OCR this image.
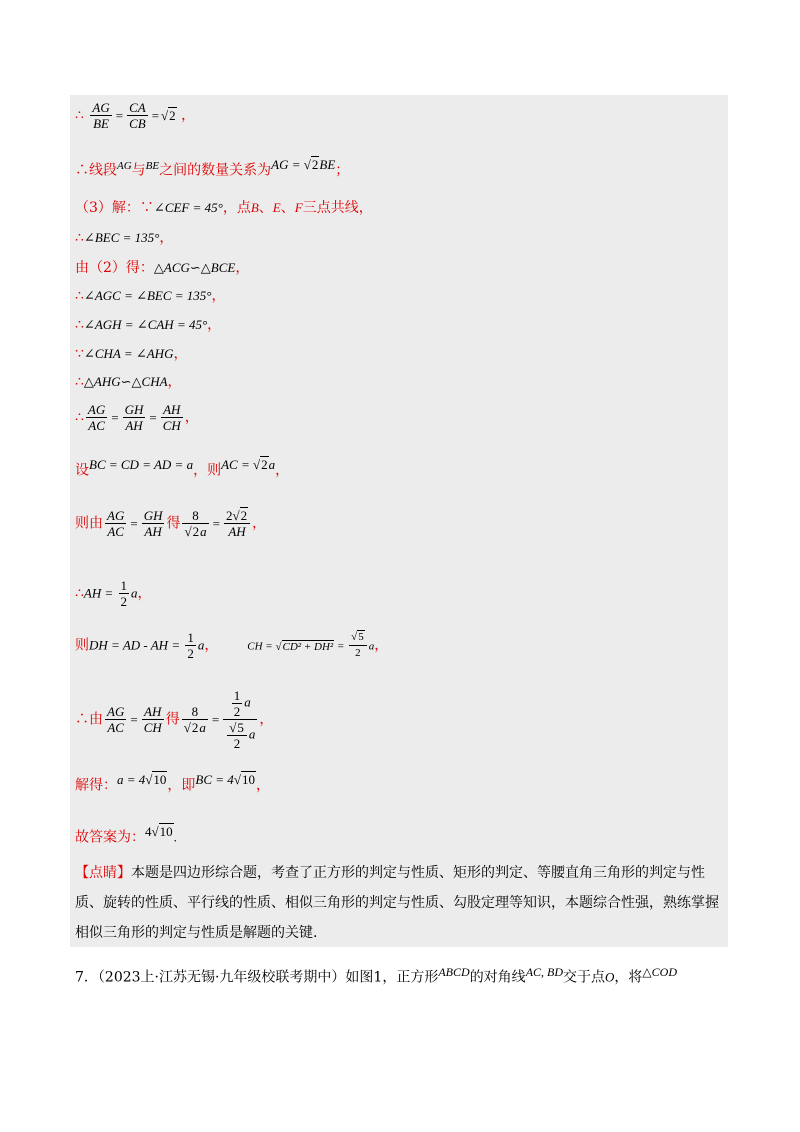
∴ $\frac{AG}{BE} = \frac{CA}{CB} = √2$ ，
∴线段$^{AG}$与$^{BE}$之间的数量关系为AG = √2BE；
（3）解：∵∠CEF = 45°，点B、E、F三点共线，
∴∠BEC = 135°，
由（2）得：△ACG∽△BCE，
∴∠AGC = ∠BEC = 135°，
∴∠AGH = ∠CAH = 45°，
∵∠CHA = ∠AHG，
∴△AHG∽△CHA，
∴ $\frac{AG}{AC} = \frac{GH}{AH} = \frac{AH}{CH}$ ，
设BC = CD = AD = a，则AC = √2a，
则由 $\frac{AG}{AC} = \frac{GH}{AH}$ 得 $\frac{8}{√2a} = \frac{2√2}{AH}$ ，
∴AH = $\frac{1}{2}$ a，
则DH = AD - AH = $\frac{1}{2}$ a，	CH = $√CD^2 + DH^2 = \frac{√5}{2}$ a，
∴由 $\frac{AG}{AC} = \frac{AH}{CH}$ 得 $\frac{8}{√2a} = \frac{\frac{1}{2} a}{\frac{√5}{2} a}$ ，
解得：a = 4√10，即BC = 4√10，
故答案为：4√10.
【点睛】本题是四边形综合题，考查了正方形的判定与性质、矩形的判定、等腰直角三角形的判定与性质、旋转的性质、平行线的性质、相似三角形的判定与性质、勾股定理等知识，本题综合性强，熟练掌握相似三角形的判定与性质是解题的关键.
7．（2023上·江苏无锡·九年级校联考期中）如图1，正方形ABCD的对角线AC, BD交于点O，将△COD
